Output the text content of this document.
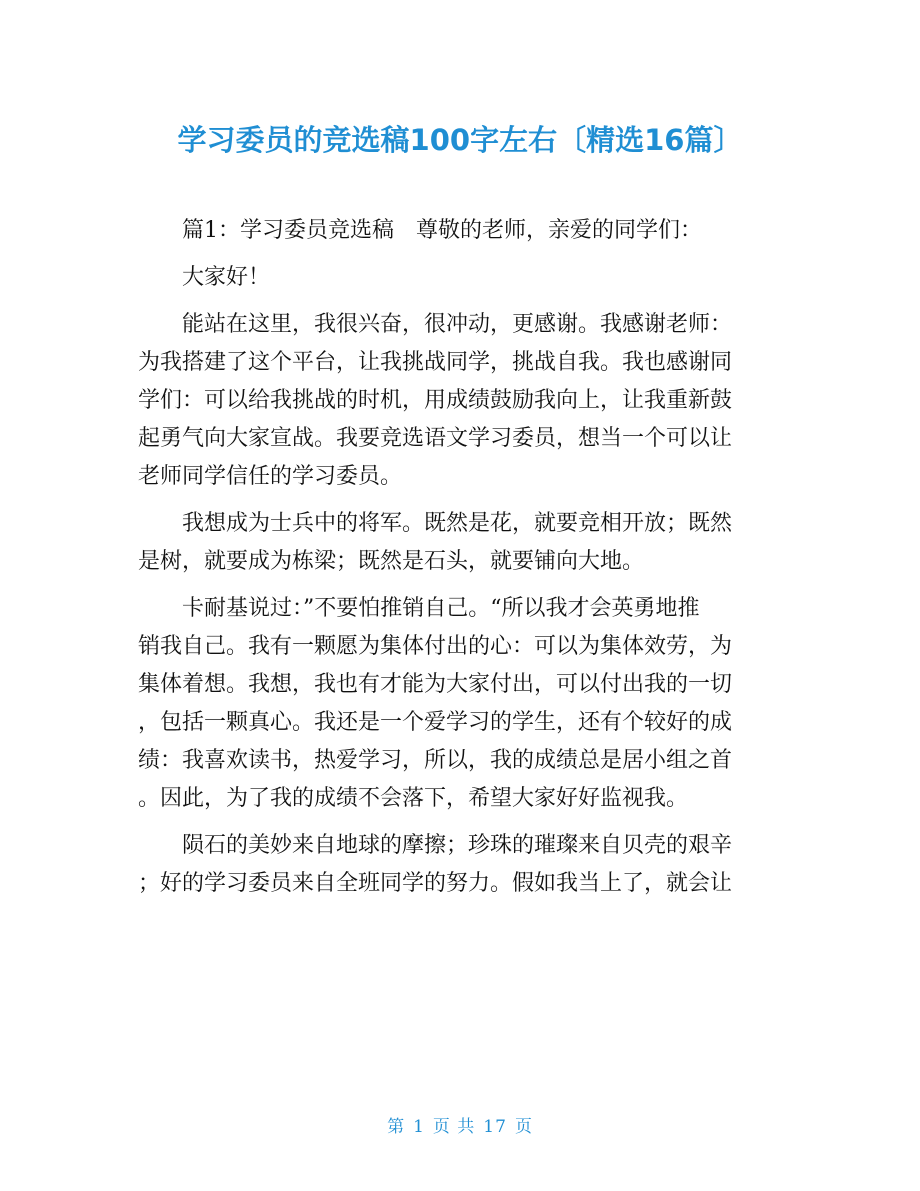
学习委员的竞选稿100字左右〔精选16篇〕
篇1：学习委员竞选稿　尊敬的老师，亲爱的同学们：
大家好！
能站在这里，我很兴奋，很冲动，更感谢。我感谢老师：
为我搭建了这个平台，让我挑战同学，挑战自我。我也感谢同
学们：可以给我挑战的时机，用成绩鼓励我向上，让我重新鼓
起勇气向大家宣战。我要竞选语文学习委员，想当一个可以让
老师同学信任的学习委员。
我想成为士兵中的将军。既然是花，就要竞相开放；既然
是树，就要成为栋梁；既然是石头，就要铺向大地。
卡耐基说过：”不要怕推销自己。“所以我才会英勇地推
销我自己。我有一颗愿为集体付出的心：可以为集体效劳，为
集体着想。我想，我也有才能为大家付出，可以付出我的一切
，包括一颗真心。我还是一个爱学习的学生，还有个较好的成
绩：我喜欢读书，热爱学习，所以，我的成绩总是居小组之首
。因此，为了我的成绩不会落下，希望大家好好监视我。
陨石的美妙来自地球的摩擦；珍珠的璀璨来自贝壳的艰辛
；好的学习委员来自全班同学的努力。假如我当上了，就会让
第 1 页 共 17 页
